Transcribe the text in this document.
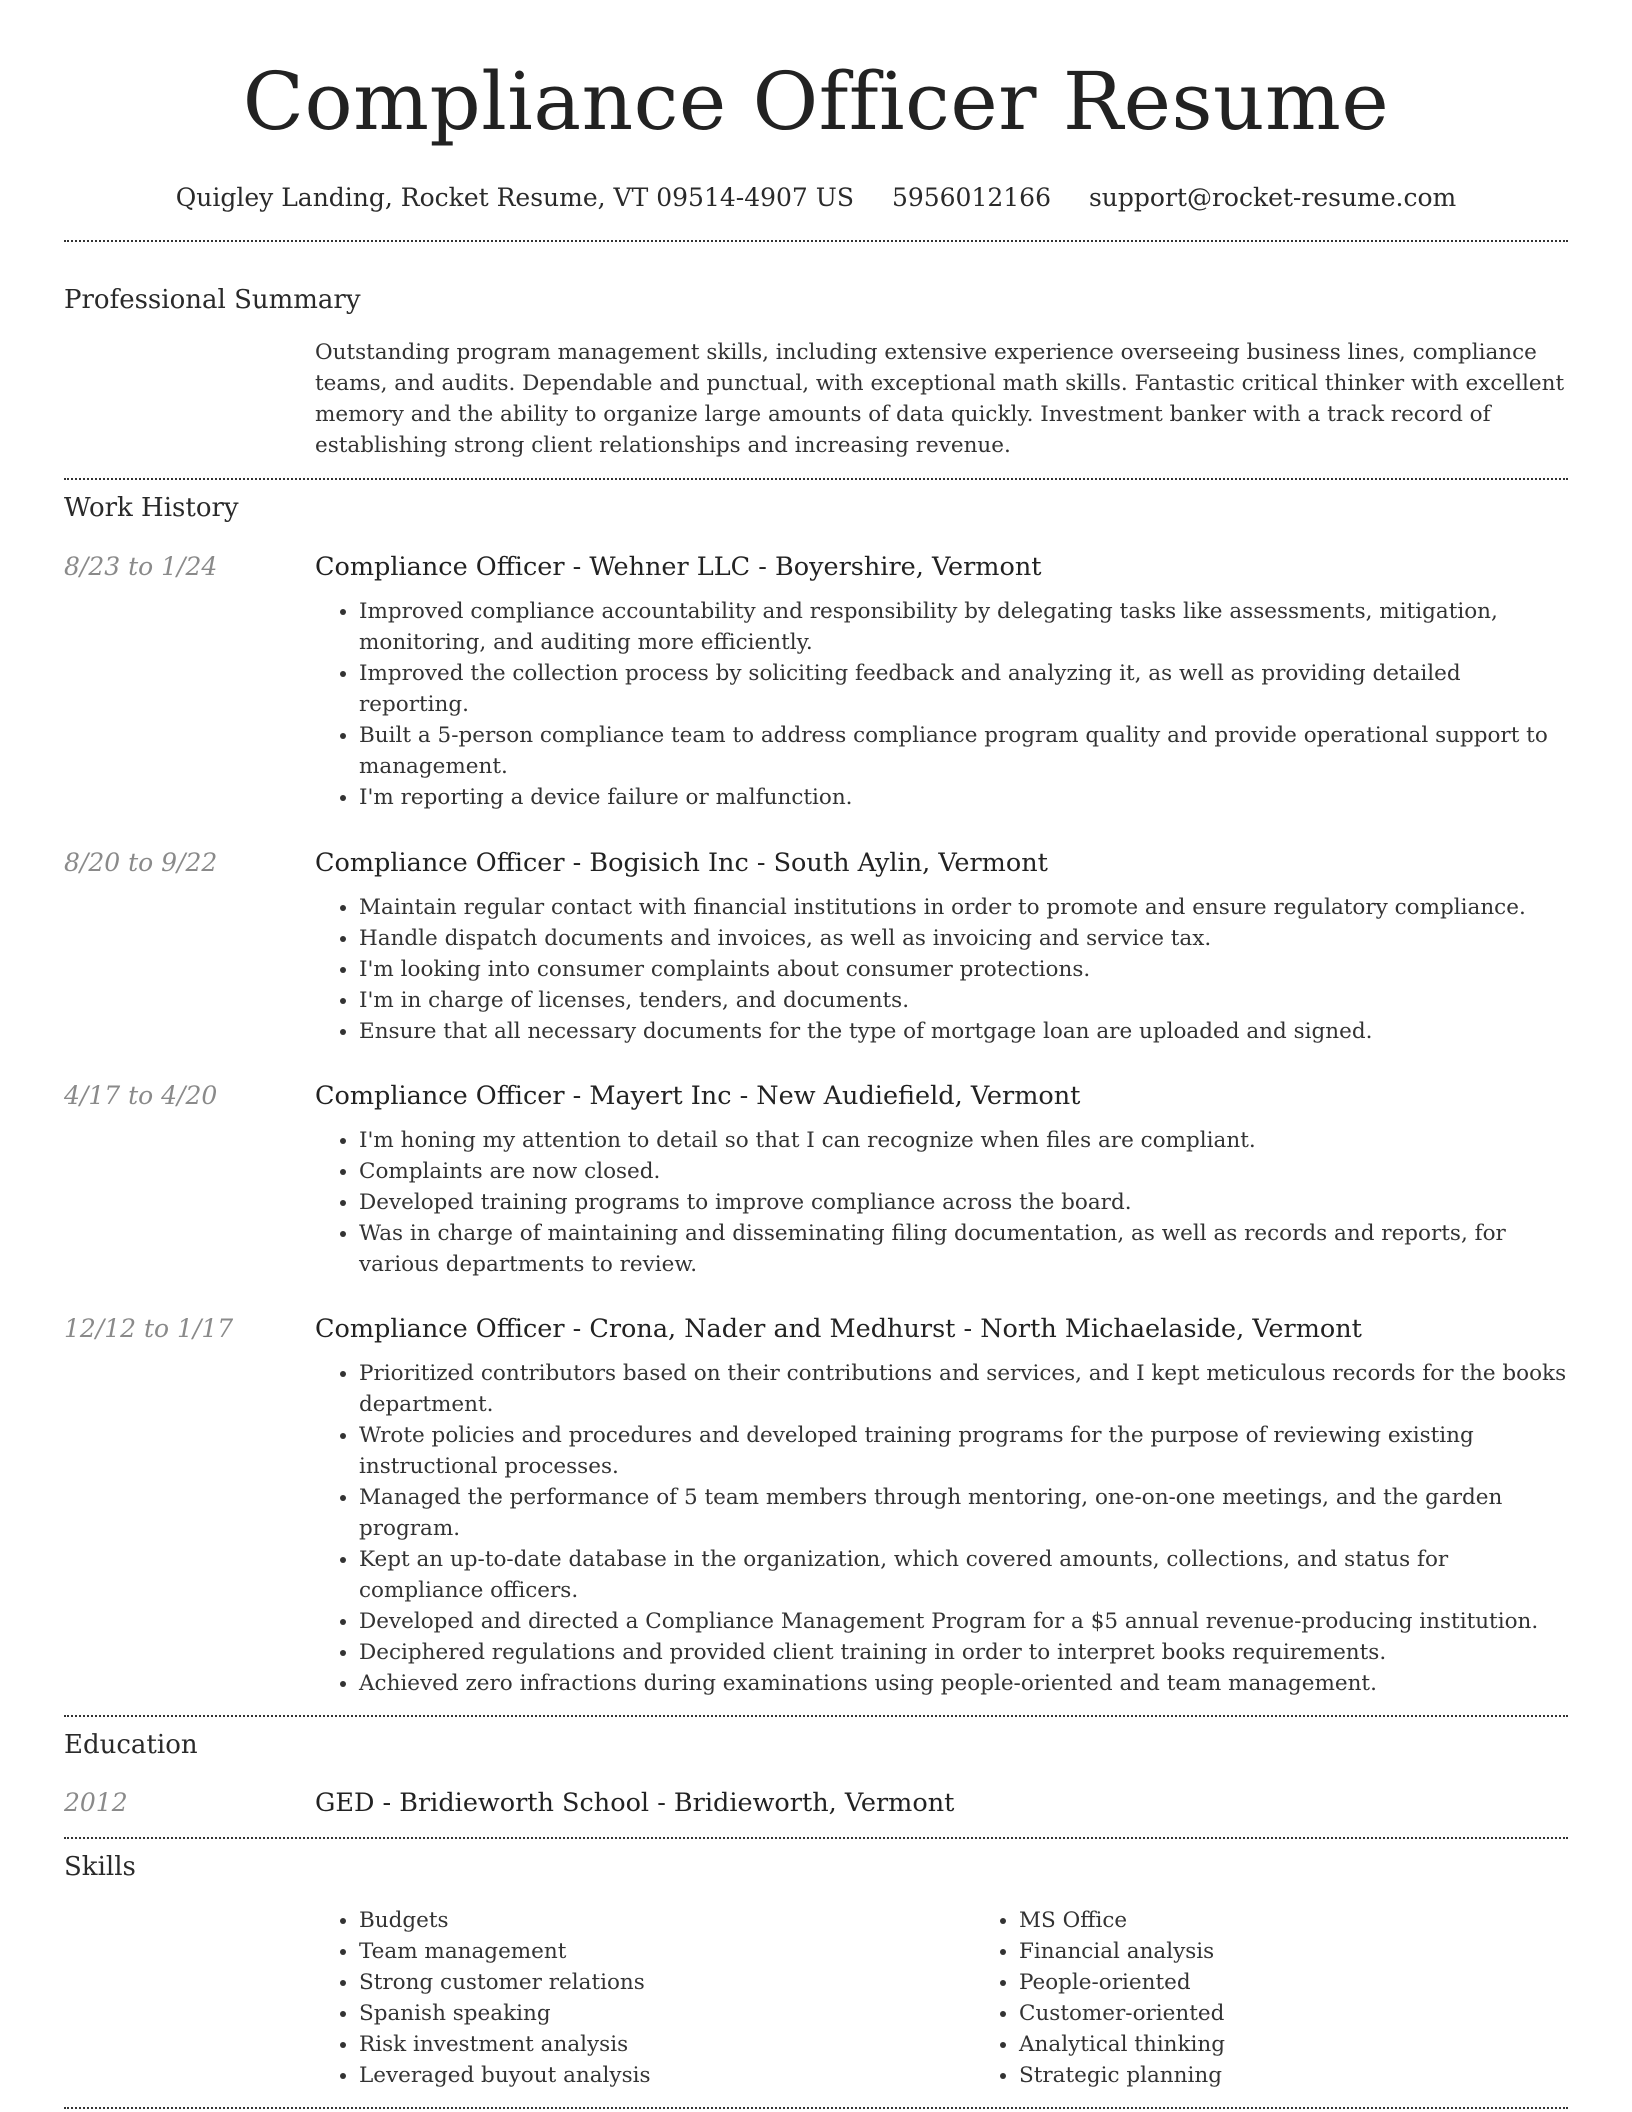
Compliance Officer Resume
Quigley Landing, Rocket Resume, VT 09514-4907 US 5956012166 support@rocket-resume.com
Professional Summary
Outstanding program management skills, including extensive experience overseeing business lines, compliance teams, and audits. Dependable and punctual, with exceptional math skills. Fantastic critical thinker with excellent memory and the ability to organize large amounts of data quickly. Investment banker with a track record of establishing strong client relationships and increasing revenue.
Work History
8/23 to 1/24	Compliance Officer - Wehner LLC - Boyershire, Vermont
• Improved compliance accountability and responsibility by delegating tasks like assessments, mitigation, monitoring, and auditing more efficiently.
• Improved the collection process by soliciting feedback and analyzing it, as well as providing detailed reporting.
• Built a 5-person compliance team to address compliance program quality and provide operational support to management.
• I'm reporting a device failure or malfunction.
8/20 to 9/22	Compliance Officer - Bogisich Inc - South Aylin, Vermont
• Maintain regular contact with financial institutions in order to promote and ensure regulatory compliance.
• Handle dispatch documents and invoices, as well as invoicing and service tax.
• I'm looking into consumer complaints about consumer protections.
• I'm in charge of licenses, tenders, and documents.
• Ensure that all necessary documents for the type of mortgage loan are uploaded and signed.
4/17 to 4/20	Compliance Officer - Mayert Inc - New Audiefield, Vermont
• I'm honing my attention to detail so that I can recognize when files are compliant.
• Complaints are now closed.
• Developed training programs to improve compliance across the board.
• Was in charge of maintaining and disseminating filing documentation, as well as records and reports, for various departments to review.
12/12 to 1/17	Compliance Officer - Crona, Nader and Medhurst - North Michaelaside, Vermont
• Prioritized contributors based on their contributions and services, and I kept meticulous records for the books department.
• Wrote policies and procedures and developed training programs for the purpose of reviewing existing instructional processes.
• Managed the performance of 5 team members through mentoring, one-on-one meetings, and the garden program.
• Kept an up-to-date database in the organization, which covered amounts, collections, and status for compliance officers.
• Developed and directed a Compliance Management Program for a $5 annual revenue-producing institution.
• Deciphered regulations and provided client training in order to interpret books requirements.
• Achieved zero infractions during examinations using people-oriented and team management.
Education
2012	GED - Bridieworth School - Bridieworth, Vermont
Skills
• Budgets
• Team management
• Strong customer relations
• Spanish speaking
• Risk investment analysis
• Leveraged buyout analysis
• MS Office
• Financial analysis
• People-oriented
• Customer-oriented
• Analytical thinking
• Strategic planning
